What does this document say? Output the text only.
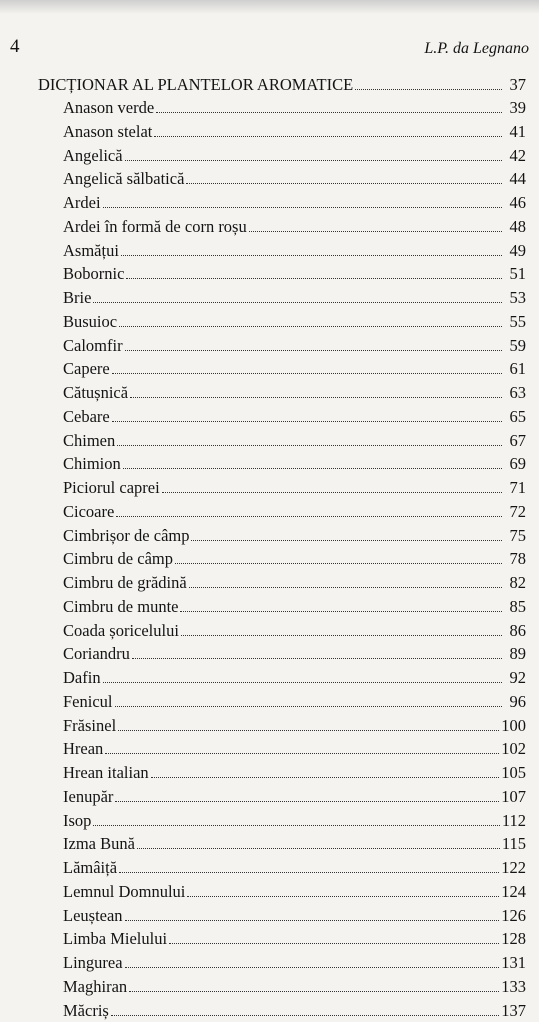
4	L.P. da Legnano
DICȚIONAR AL PLANTELOR AROMATICE	37
Anason verde	39
Anason stelat	41
Angelică	42
Angelică sălbatică	44
Ardei	46
Ardei în formă de corn roșu	48
Asmățui	49
Bobornic	51
Brie	53
Busuioc	55
Calomfir	59
Capere	61
Cătușnică	63
Cebare	65
Chimen	67
Chimion	69
Piciorul caprei	71
Cicoare	72
Cimbrișor de câmp	75
Cimbru de câmp	78
Cimbru de grădină	82
Cimbru de munte	85
Coada șoricelului	86
Coriandru	89
Dafin	92
Fenicul	96
Frăsinel	100
Hrean	102
Hrean italian	105
Ienupăr	107
Isop	112
Izma Bună	115
Lămâiță	122
Lemnul Domnului	124
Leuștean	126
Limba Mielului	128
Lingurea	131
Maghiran	133
Măcriș	137
